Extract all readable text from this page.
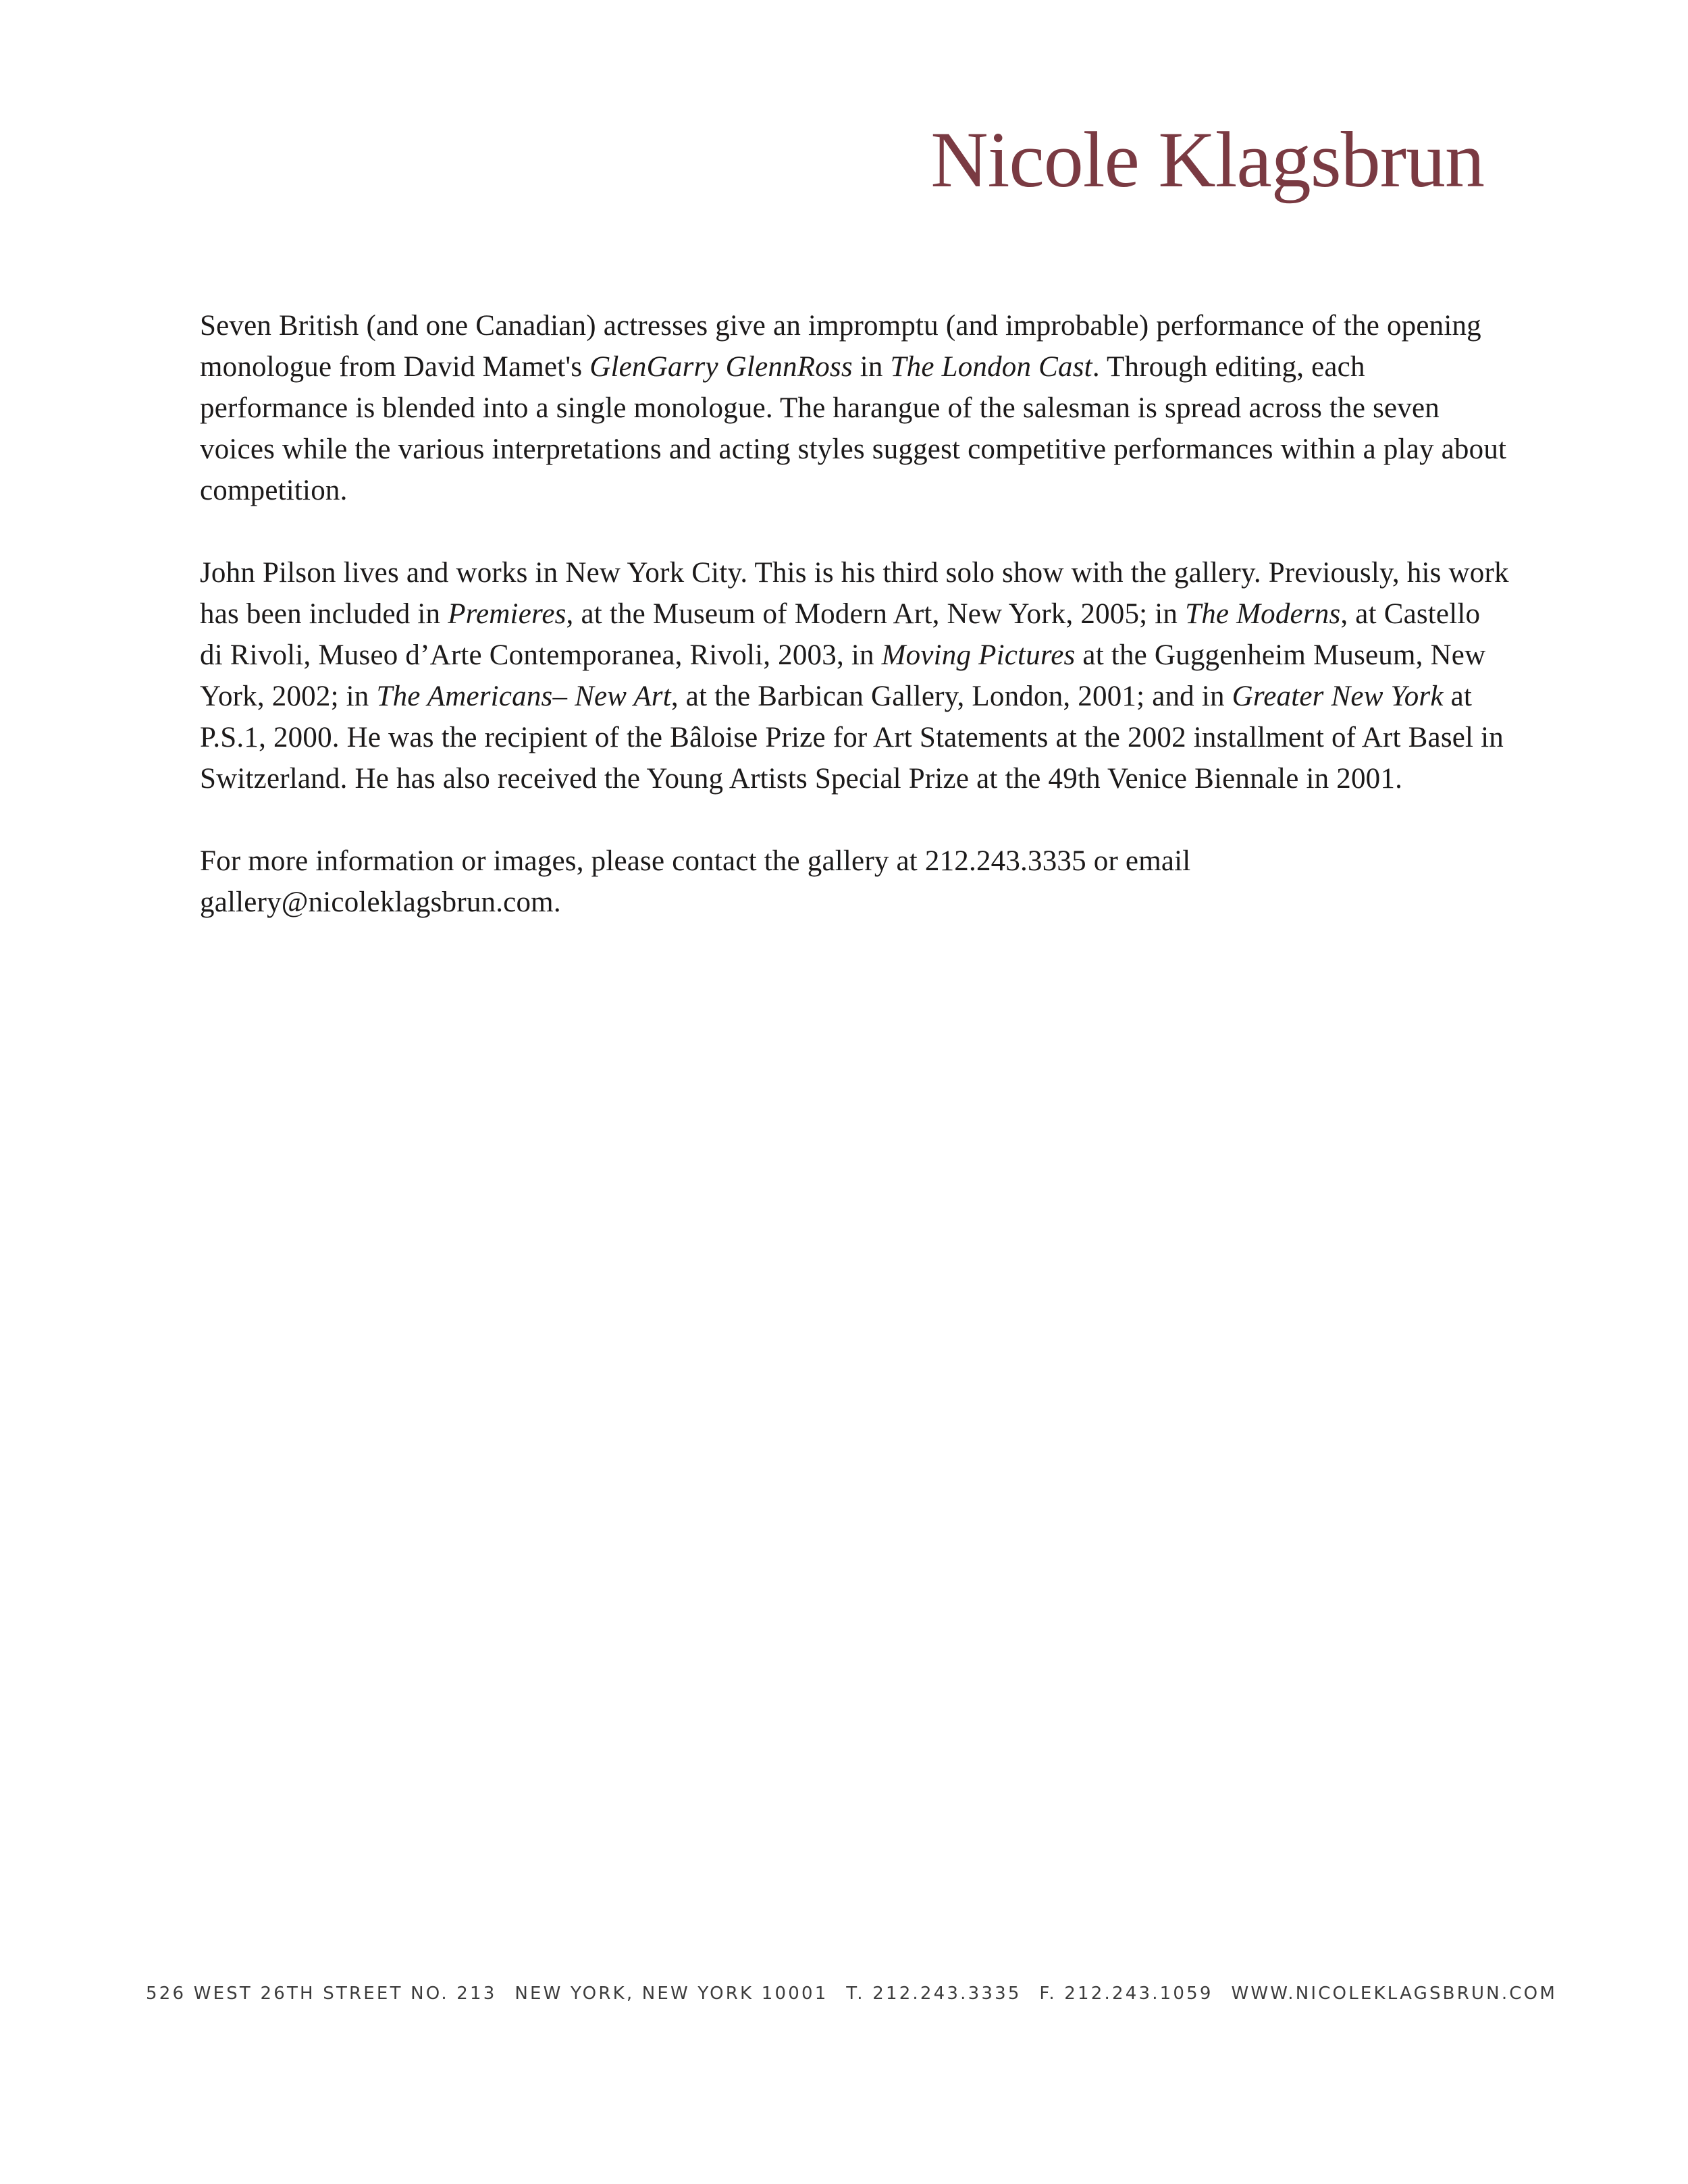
Nicole Klagsbrun

Seven British (and one Canadian) actresses give an impromptu (and improbable) performance of the opening monologue from David Mamet's GlenGarry GlennRoss in The London Cast. Through editing, each performance is blended into a single monologue. The harangue of the salesman is spread across the seven voices while the various interpretations and acting styles suggest competitive performances within a play about competition.

John Pilson lives and works in New York City. This is his third solo show with the gallery. Previously, his work has been included in Premieres, at the Museum of Modern Art, New York, 2005; in The Moderns, at Castello di Rivoli, Museo d’Arte Contemporanea, Rivoli, 2003, in Moving Pictures at the Guggenheim Museum, New York, 2002; in The Americans– New Art, at the Barbican Gallery, London, 2001; and in Greater New York at P.S.1, 2000. He was the recipient of the Bâloise Prize for Art Statements at the 2002 installment of Art Basel in Switzerland. He has also received the Young Artists Special Prize at the 49th Venice Biennale in 2001.

For more information or images, please contact the gallery at 212.243.3335 or email gallery@nicoleklagsbrun.com.

526 WEST 26TH STREET NO. 213 NEW YORK, NEW YORK 10001 T. 212.243.3335 F. 212.243.1059 WWW.NICOLEKLAGSBRUN.COM
